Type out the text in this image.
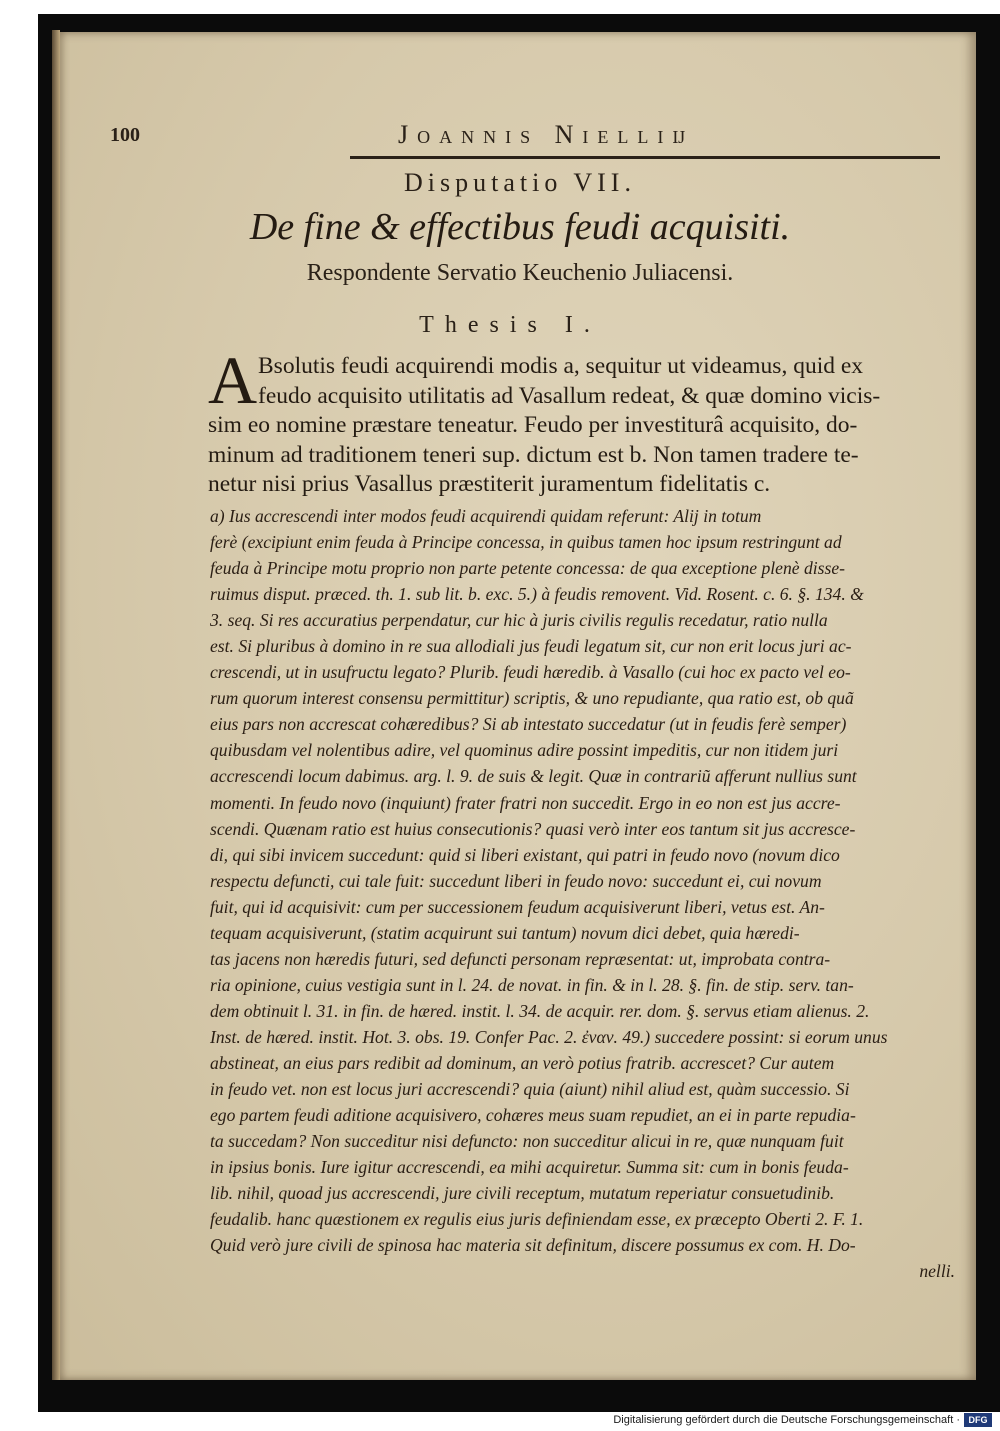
100	Joannis Nielliĳ
Disputatio VII.
De fine & effectibus feudi acquisiti.
Respondente Servatio Keuchenio Juliacensi.
Thesis I.
A Bsolutis feudi acquirendi modis a, sequitur ut videamus, quid ex
feudo acquisito utilitatis ad Vasallum redeat, & quæ domino vicis-
sim eo nomine præstare teneatur. Feudo per investiturâ acquisito, do-
minum ad traditionem teneri sup. dictum est b. Non tamen tradere te-
netur nisi prius Vasallus præstiterit juramentum fidelitatis c.
a) Ius accrescendi inter modos feudi acquirendi quidam referunt: Alij in totum
ferè (excipiunt enim feuda à Principe concessa, in quibus tamen hoc ipsum restringunt ad
feuda à Principe motu proprio non parte petente concessa: de qua exceptione plenè disse-
ruimus disput. præced. th. 1. sub lit. b. exc. 5.) à feudis removent. Vid. Rosent. c. 6. §. 134. &
3. seq. Si res accuratius perpendatur, cur hic à juris civilis regulis recedatur, ratio nulla
est. Si pluribus à domino in re sua allodiali jus feudi legatum sit, cur non erit locus juri ac-
crescendi, ut in usufructu legato? Plurib. feudi hæredib. à Vasallo (cui hoc ex pacto vel eo-
rum quorum interest consensu permittitur) scriptis, & uno repudiante, qua ratio est, ob quã
eius pars non accrescat cohæredibus? Si ab intestato succedatur (ut in feudis ferè semper)
quibusdam vel nolentibus adire, vel quominus adire possint impeditis, cur non itidem juri
accrescendi locum dabimus. arg. l. 9. de suis & legit. Quæ in contrariũ afferunt nullius sunt
momenti. In feudo novo (inquiunt) frater fratri non succedit. Ergo in eo non est jus accre-
scendi. Quænam ratio est huius consecutionis? quasi verò inter eos tantum sit jus accresce-
di, qui sibi invicem succedunt: quid si liberi existant, qui patri in feudo novo (novum dico
respectu defuncti, cui tale fuit: succedunt liberi in feudo novo: succedunt ei, cui novum
fuit, qui id acquisivit: cum per successionem feudum acquisiverunt liberi, vetus est. An-
tequam acquisiverunt, (statim acquirunt sui tantum) novum dici debet, quia hæredi-
tas jacens non hæredis futuri, sed defuncti personam repræsentat: ut, improbata contra-
ria opinione, cuius vestigia sunt in l. 24. de novat. in fin. & in l. 28. §. fin. de stip. serv. tan-
dem obtinuit l. 31. in fin. de hæred. instit. l. 34. de acquir. rer. dom. §. servus etiam alienus. 2.
Inst. de hæred. instit. Hot. 3. obs. 19. Confer Pac. 2. ἐναν. 49.) succedere possint: si eorum unus
abstineat, an eius pars redibit ad dominum, an verò potius fratrib. accrescet? Cur autem
in feudo vet. non est locus juri accrescendi? quia (aiunt) nihil aliud est, quàm successio. Si
ego partem feudi aditione acquisivero, cohæres meus suam repudiet, an ei in parte repudia-
ta succedam? Non succeditur nisi defuncto: non succeditur alicui in re, quæ nunquam fuit
in ipsius bonis. Iure igitur accrescendi, ea mihi acquiretur. Summa sit: cum in bonis feuda-
lib. nihil, quoad jus accrescendi, jure civili receptum, mutatum reperiatur consuetudinib.
feudalib. hanc quæstionem ex regulis eius juris definiendam esse, ex præcepto Oberti 2. F. 1.
Quid verò jure civili de spinosa hac materia sit definitum, discere possumus ex com. H. Do-
nelli.
Digitalisierung gefördert durch die Deutsche Forschungsgemeinschaft · DFG
